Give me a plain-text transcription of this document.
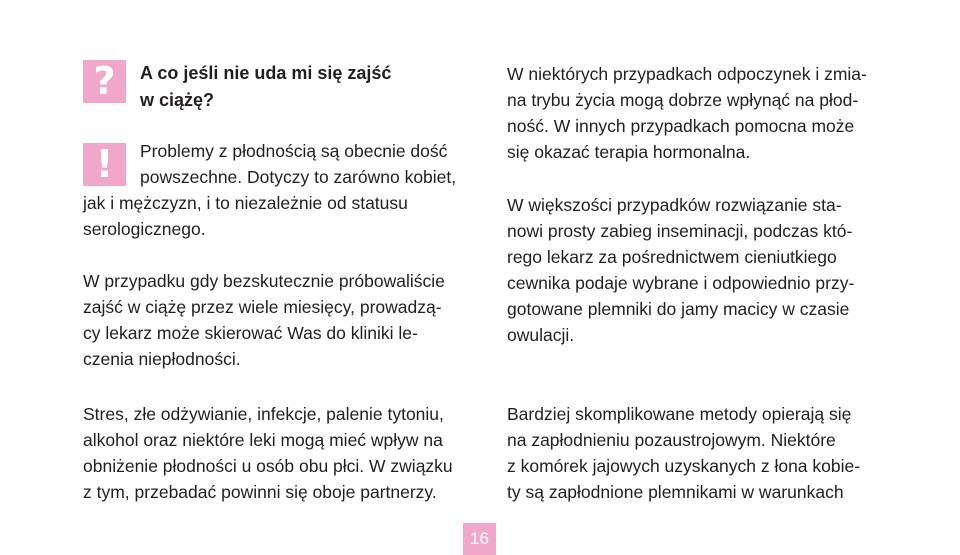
?
!
A co jeśli nie uda mi się zajść
w ciążę?
Problemy z płodnością są obecnie dość
powszechne. Dotyczy to zarówno kobiet,
jak i mężczyzn, i to niezależnie od statusu
serologicznego.
W przypadku gdy bezskutecznie próbowaliście
zajść w ciążę przez wiele miesięcy, prowadzą-
cy lekarz może skierować Was do kliniki le-
czenia niepłodności.
Stres, złe odżywianie, infekcje, palenie tytoniu,
alkohol oraz niektóre leki mogą mieć wpływ na
obniżenie płodności u osób obu płci. W związku
z tym, przebadać powinni się oboje partnerzy.
W niektórych przypadkach odpoczynek i zmia-
na trybu życia mogą dobrze wpłynąć na płod-
ność. W innych przypadkach pomocna może
się okazać terapia hormonalna.
W większości przypadków rozwiązanie sta-
nowi prosty zabieg inseminacji, podczas któ-
rego lekarz za pośrednictwem cieniutkiego
cewnika podaje wybrane i odpowiednio przy-
gotowane plemniki do jamy macicy w czasie
owulacji.
Bardziej skomplikowane metody opierają się
na zapłodnieniu pozaustrojowym. Niektóre
z komórek jajowych uzyskanych z łona kobie-
ty są zapłodnione plemnikami w warunkach
16
